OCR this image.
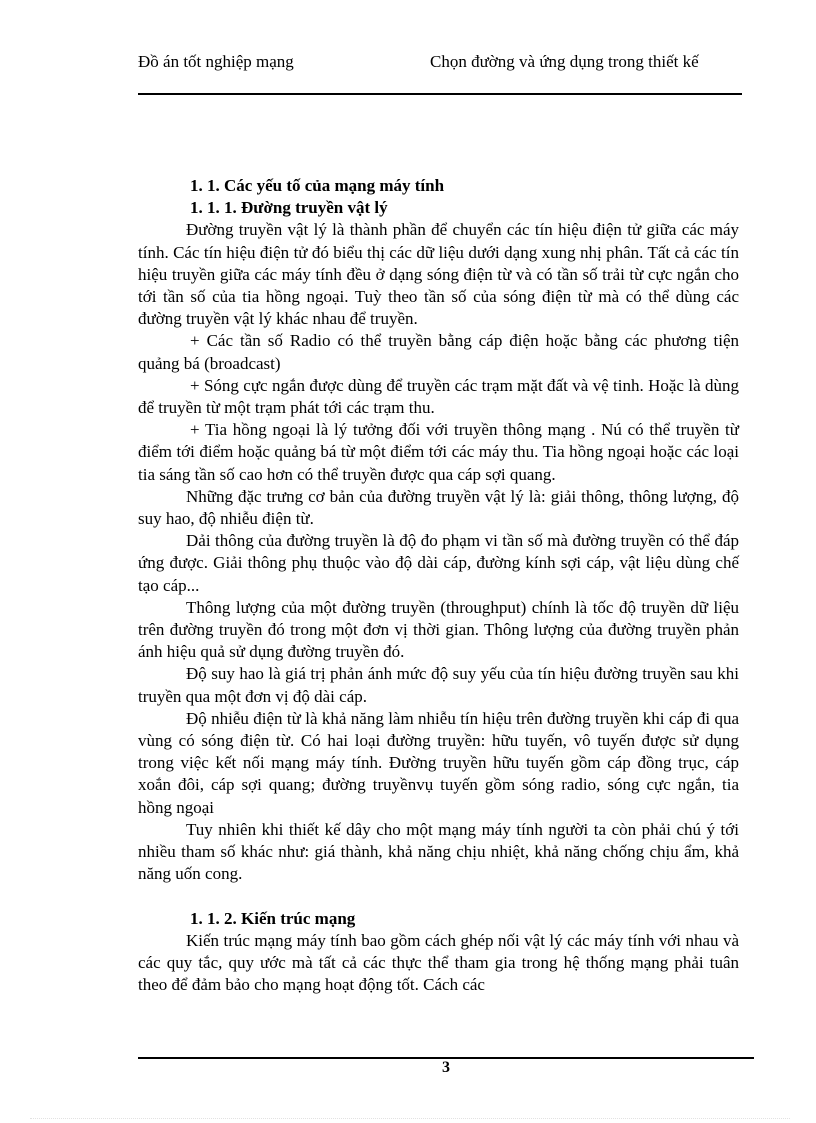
Đồ án tốt nghiệp mạng	Chọn đường và ứng dụng trong thiết kế
1. 1. Các yếu tố của mạng máy tính
1. 1. 1. Đường truyền vật lý

Đường truyền vật lý là thành phần để chuyển các tín hiệu điện tử giữa các máy tính. Các tín hiệu điện tử đó biểu thị các dữ liệu dưới dạng xung nhị phân. Tất cả các tín hiệu truyền giữa các máy tính đều ở dạng sóng điện từ và có tần số trải từ cực ngắn cho tới tần số của tia hồng ngoại. Tuỳ theo tần số của sóng điện từ mà có thể dùng các đường truyền vật lý khác nhau để truyền.

+ Các tần số Radio có thể truyền bằng cáp điện hoặc bằng các phương tiện quảng bá (broadcast)

+ Sóng cực ngắn được dùng để truyền các trạm mặt đất và vệ tinh. Hoặc là dùng để truyền từ một trạm phát tới các trạm thu.

+ Tia hồng ngoại là lý tưởng đối với truyền thông mạng . Nú có thể truyền từ điểm tới điểm hoặc quảng bá từ một điểm tới các máy thu. Tia hồng ngoại hoặc các loại tia sáng tần số cao hơn có thể truyền được qua cáp sợi quang.

Những đặc trưng cơ bản của đường truyền vật lý là: giải thông, thông lượng, độ suy hao, độ nhiễu điện từ.

Dải thông của đường truyền là độ đo phạm vi tần số mà đường truyền có thể đáp ứng được. Giải thông phụ thuộc vào độ dài cáp, đường kính sợi cáp, vật liệu dùng chế tạo cáp...

Thông lượng của một đường truyền (throughput) chính là tốc độ truyền dữ liệu trên đường truyền đó trong một đơn vị thời gian. Thông lượng của đường truyền phản ánh hiệu quả sử dụng đường truyền đó.

Độ suy hao là giá trị phản ánh mức độ suy yếu của tín hiệu đường truyền sau khi truyền qua một đơn vị độ dài cáp.

Độ nhiễu điện từ là khả năng làm nhiễu tín hiệu trên đường truyền khi cáp đi qua vùng có sóng điện từ. Có hai loại đường truyền: hữu tuyến, vô tuyến được sử dụng trong việc kết nối mạng máy tính. Đường truyền hữu tuyến gồm cáp đồng trục, cáp xoắn đôi, cáp sợi quang; đường truyềnvụ tuyến gồm sóng radio, sóng cực ngắn, tia hồng ngoại

Tuy nhiên khi thiết kế dây cho một mạng máy tính người ta còn phải chú ý tới nhiều tham số khác như: giá thành, khả năng chịu nhiệt, khả năng chống chịu ẩm, khả năng uốn cong.

1. 1. 2. Kiến trúc mạng

Kiến trúc mạng máy tính bao gồm cách ghép nối vật lý các máy tính với nhau và các quy tắc, quy ước mà tất cả các thực thể tham gia trong hệ thống mạng phải tuân theo để đảm bảo cho mạng hoạt động tốt. Cách các

3
